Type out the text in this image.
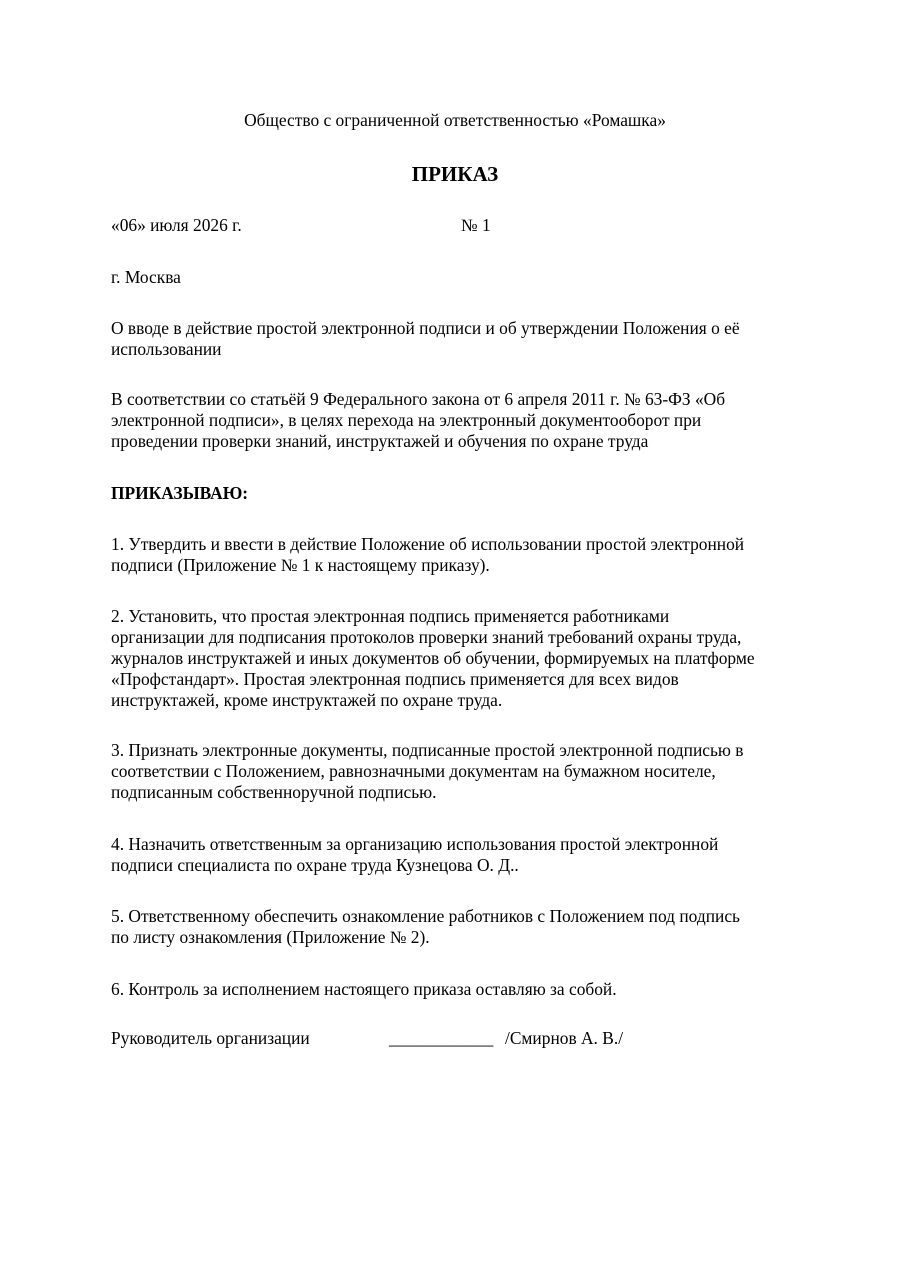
Общество с ограниченной ответственностью «Ромашка»

ПРИКАЗ

«06» июля 2026 г.	№ 1

г. Москва

О вводе в действие простой электронной подписи и об утверждении Положения о её
использовании
В соответствии со статьёй 9 Федерального закона от 6 апреля 2011 г. № 63-ФЗ «Об
электронной подписи», в целях перехода на электронный документооборот при
проведении проверки знаний, инструктажей и обучения по охране труда

ПРИКАЗЫВАЮ:

1. Утвердить и ввести в действие Положение об использовании простой электронной
подписи (Приложение № 1 к настоящему приказу).
2. Установить, что простая электронная подпись применяется работниками
организации для подписания протоколов проверки знаний требований охраны труда,
журналов инструктажей и иных документов об обучении, формируемых на платформе
«Профстандарт». Простая электронная подпись применяется для всех видов
инструктажей, кроме инструктажей по охране труда.
3. Признать электронные документы, подписанные простой электронной подписью в
соответствии с Положением, равнозначными документам на бумажном носителе,
подписанным собственноручной подписью.
4. Назначить ответственным за организацию использования простой электронной
подписи специалиста по охране труда Кузнецова О. Д..
5. Ответственному обеспечить ознакомление работников с Положением под подпись
по листу ознакомления (Приложение № 2).
6. Контроль за исполнением настоящего приказа оставляю за собой.

Руководитель организации	____________ /Смирнов А. В./
